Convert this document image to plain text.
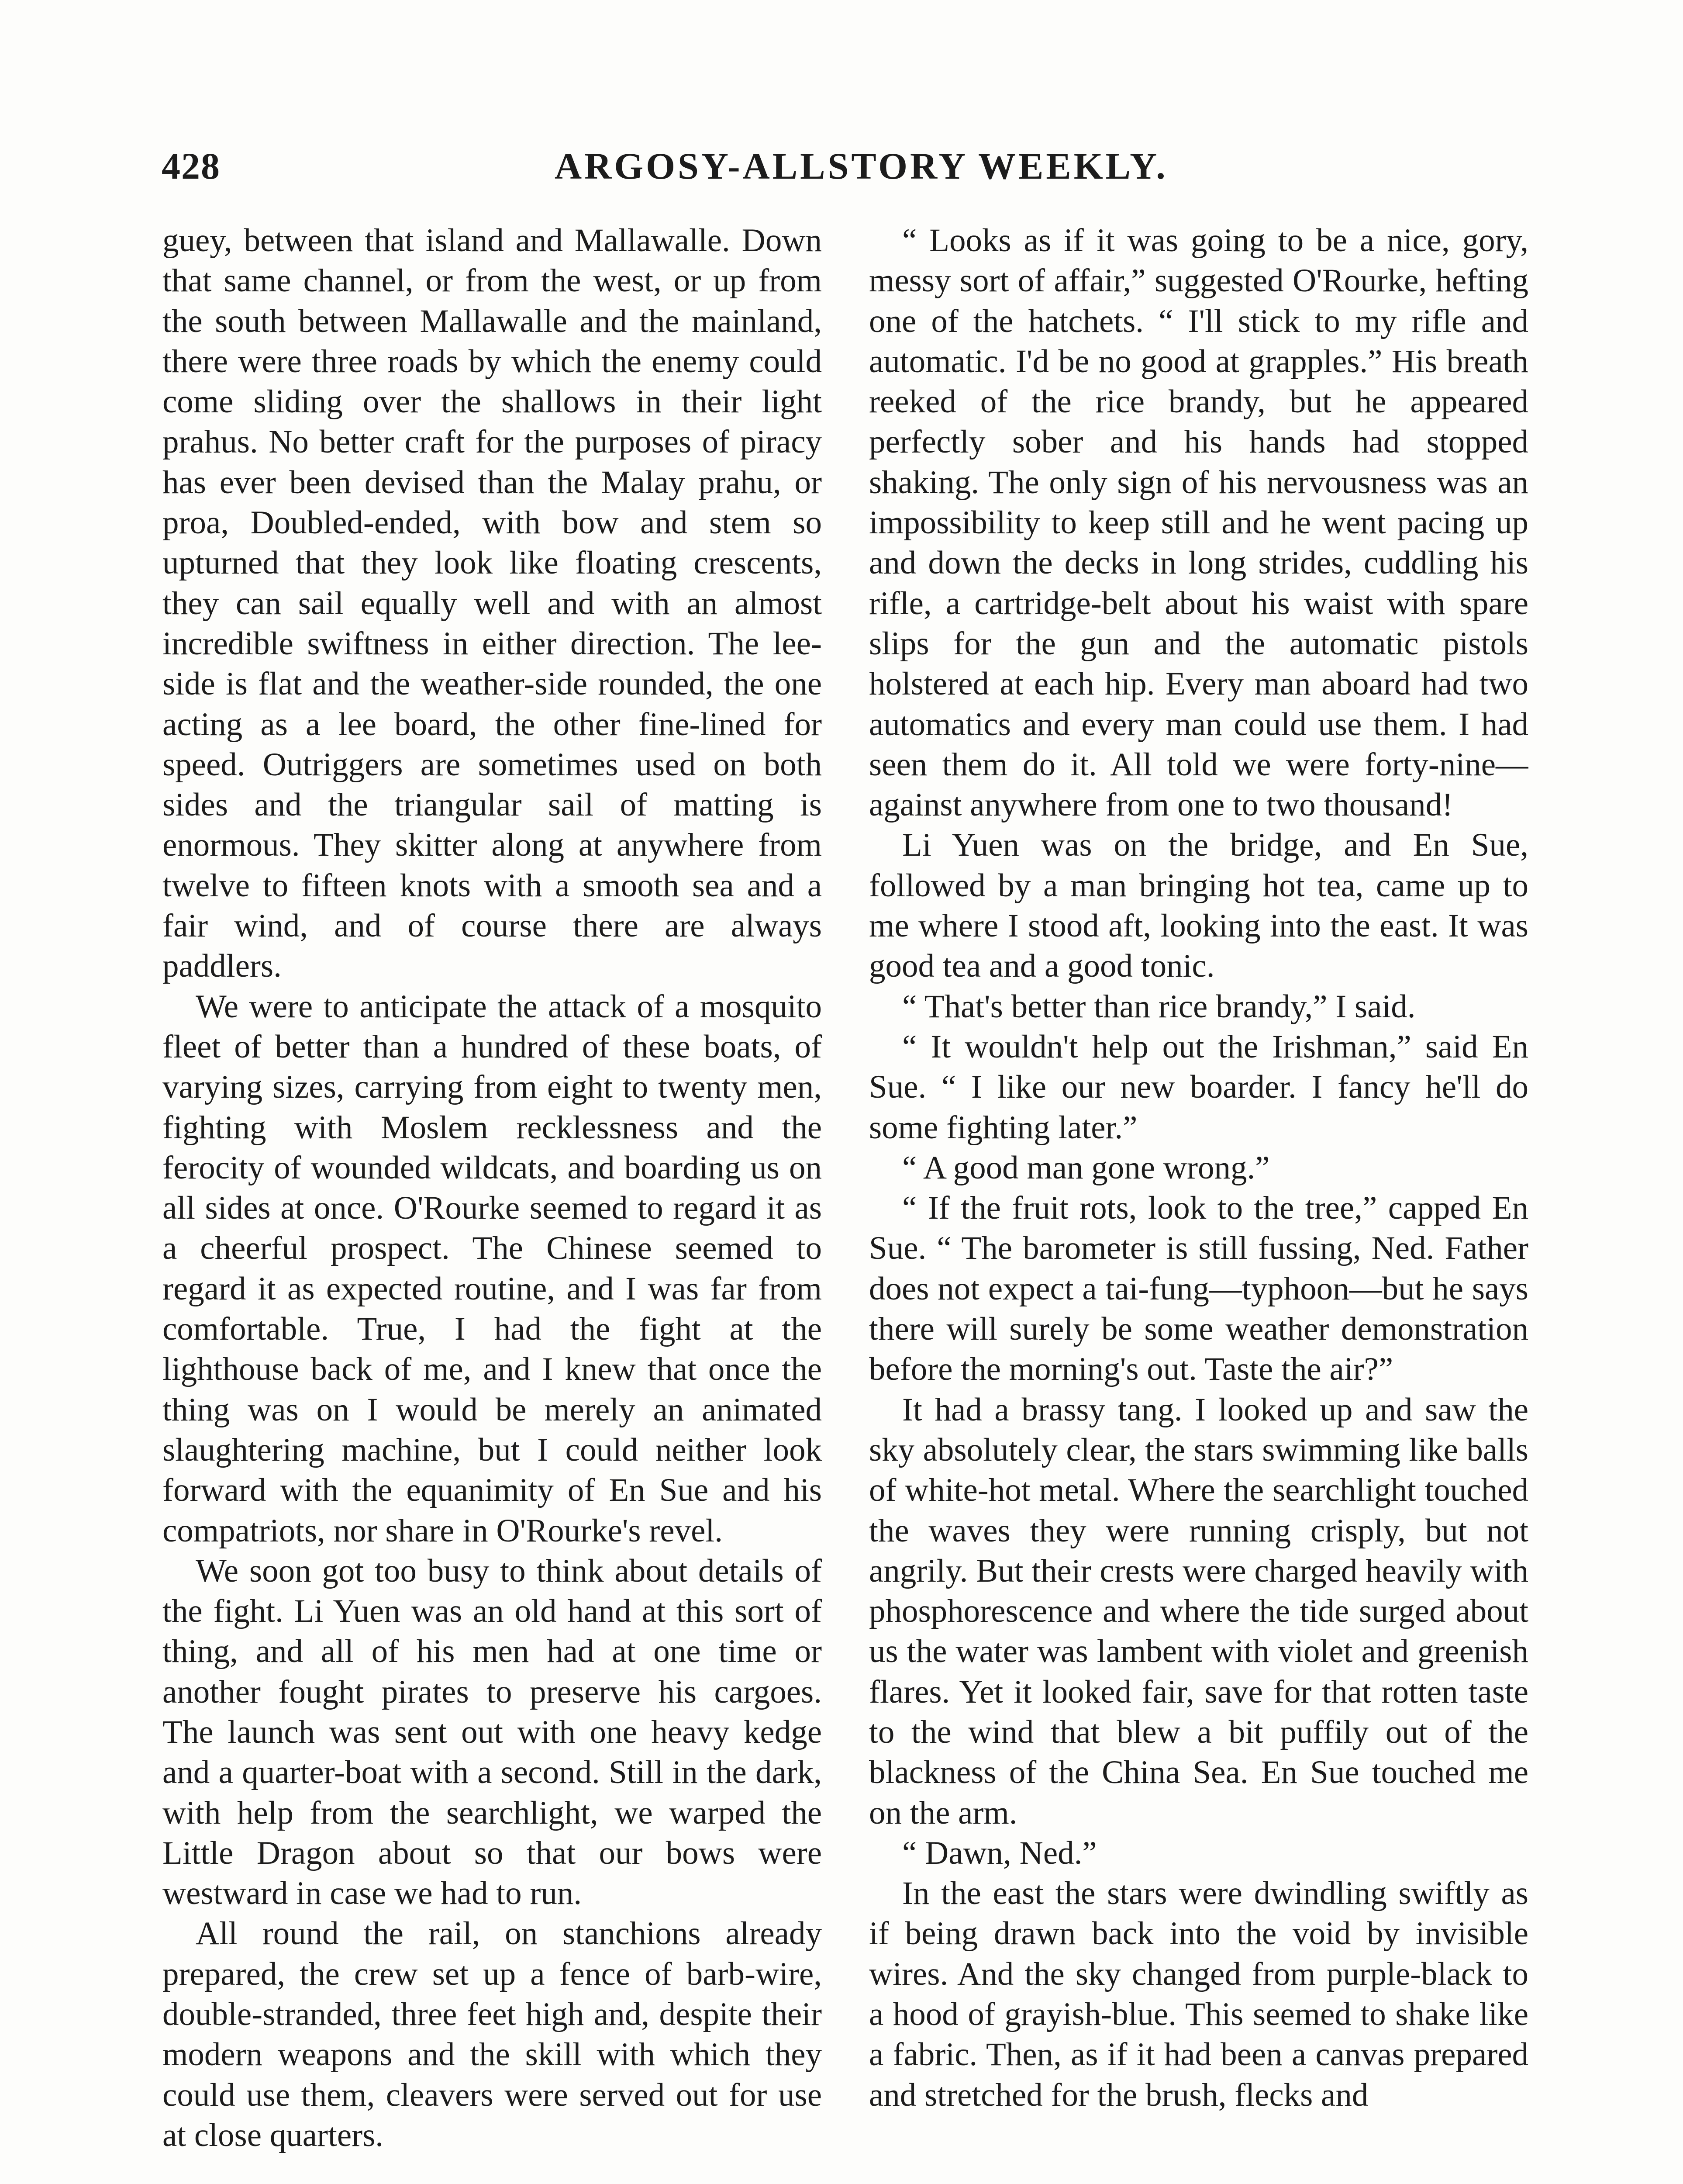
428	ARGOSY-ALLSTORY WEEKLY.

guey, between that island and Mallawalle. Down that same channel, or from the west, or up from the south between Mallawalle and the mainland, there were three roads by which the enemy could come sliding over the shallows in their light prahus. No better craft for the purposes of piracy has ever been devised than the Malay prahu, or proa, Doubled-ended, with bow and stem so upturned that they look like floating crescents, they can sail equally well and with an almost incredible swiftness in either direction. The lee-side is flat and the weather-side rounded, the one acting as a lee board, the other fine-lined for speed. Outriggers are sometimes used on both sides and the triangular sail of matting is enormous. They skitter along at anywhere from twelve to fifteen knots with a smooth sea and a fair wind, and of course there are always paddlers.

We were to anticipate the attack of a mosquito fleet of better than a hundred of these boats, of varying sizes, carrying from eight to twenty men, fighting with Moslem recklessness and the ferocity of wounded wildcats, and boarding us on all sides at once. O'Rourke seemed to regard it as a cheerful prospect. The Chinese seemed to regard it as expected routine, and I was far from comfortable. True, I had the fight at the lighthouse back of me, and I knew that once the thing was on I would be merely an animated slaughtering machine, but I could neither look forward with the equanimity of En Sue and his compatriots, nor share in O'Rourke's revel.

We soon got too busy to think about details of the fight. Li Yuen was an old hand at this sort of thing, and all of his men had at one time or another fought pirates to preserve his cargoes. The launch was sent out with one heavy kedge and a quarter-boat with a second. Still in the dark, with help from the searchlight, we warped the Little Dragon about so that our bows were westward in case we had to run.

All round the rail, on stanchions already prepared, the crew set up a fence of barb-wire, double-stranded, three feet high and, despite their modern weapons and the skill with which they could use them, cleavers were served out for use at close quarters.

“ Looks as if it was going to be a nice, gory, messy sort of affair,” suggested O'Rourke, hefting one of the hatchets. “ I'll stick to my rifle and automatic. I'd be no good at grapples.” His breath reeked of the rice brandy, but he appeared perfectly sober and his hands had stopped shaking. The only sign of his nervousness was an impossibility to keep still and he went pacing up and down the decks in long strides, cuddling his rifle, a cartridge-belt about his waist with spare slips for the gun and the automatic pistols holstered at each hip. Every man aboard had two automatics and every man could use them. I had seen them do it. All told we were forty-nine—against anywhere from one to two thousand!

Li Yuen was on the bridge, and En Sue, followed by a man bringing hot tea, came up to me where I stood aft, looking into the east. It was good tea and a good tonic.

“ That's better than rice brandy,” I said.

“ It wouldn't help out the Irishman,” said En Sue. “ I like our new boarder. I fancy he'll do some fighting later.”

“ A good man gone wrong.”

“ If the fruit rots, look to the tree,” capped En Sue. “ The barometer is still fussing, Ned. Father does not expect a tai-fung—typhoon—but he says there will surely be some weather demonstration before the morning's out. Taste the air?”

It had a brassy tang. I looked up and saw the sky absolutely clear, the stars swimming like balls of white-hot metal. Where the searchlight touched the waves they were running crisply, but not angrily. But their crests were charged heavily with phosphorescence and where the tide surged about us the water was lambent with violet and greenish flares. Yet it looked fair, save for that rotten taste to the wind that blew a bit puffily out of the blackness of the China Sea. En Sue touched me on the arm.

“ Dawn, Ned.”

In the east the stars were dwindling swiftly as if being drawn back into the void by invisible wires. And the sky changed from purple-black to a hood of grayish-blue. This seemed to shake like a fabric. Then, as if it had been a canvas prepared and stretched for the brush, flecks and
